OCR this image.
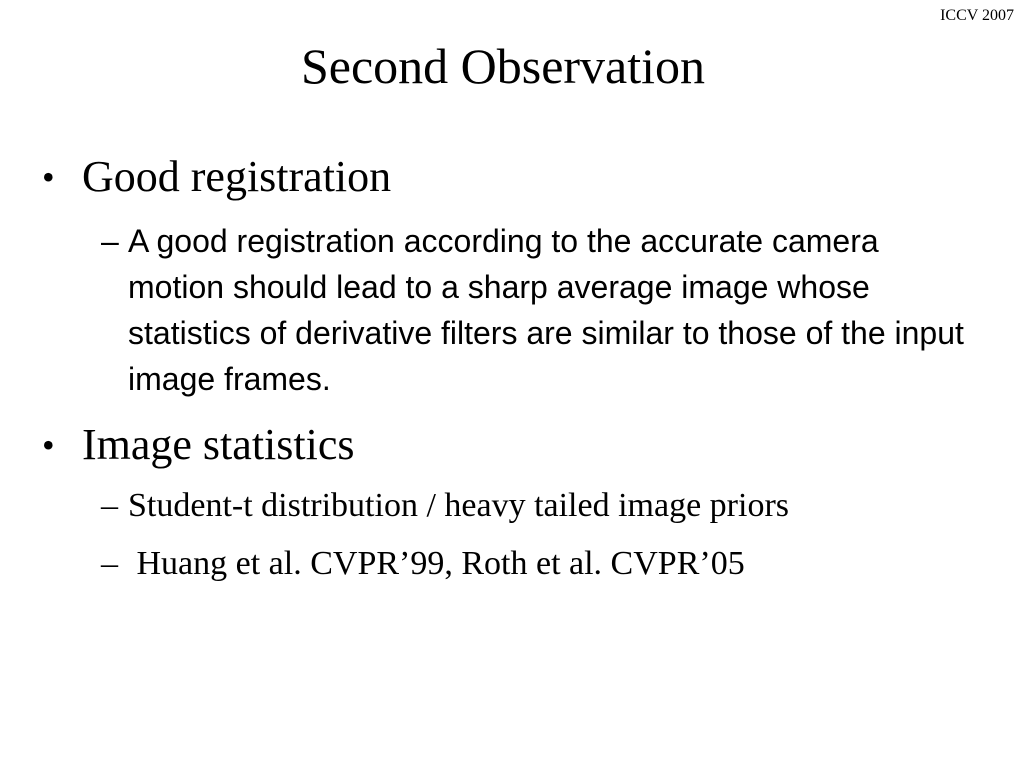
ICCV 2007
Second Observation
• Good registration
– A good registration according to the accurate camera motion should lead to a sharp average image whose statistics of derivative filters are similar to those of the input image frames.
• Image statistics
– Student-t distribution / heavy tailed image priors
– Huang et al. CVPR’99, Roth et al. CVPR’05
